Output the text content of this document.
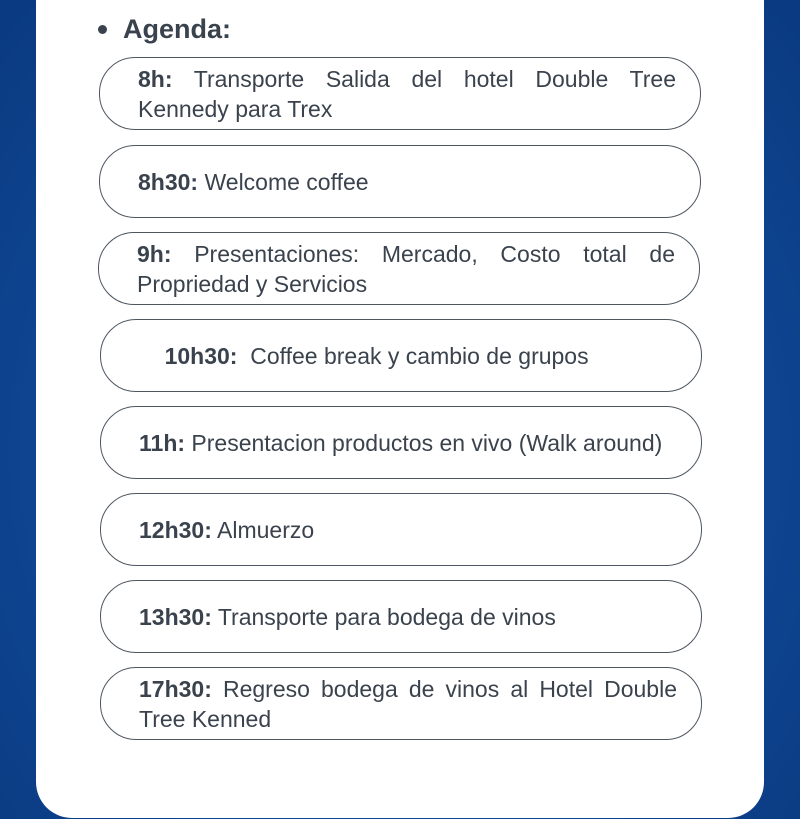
Agenda:
8h: Transporte Salida del hotel Double Tree Kennedy para Trex
8h30: Welcome coffee
9h: Presentaciones: Mercado, Costo total de Propriedad y Servicios

10h30:  Coffee break y cambio de grupos

11h: Presentacion productos en vivo (Walk around)
12h30: Almuerzo
13h30: Transporte para bodega de vinos
17h30: Regreso bodega de vinos al Hotel Double Tree Kenned
